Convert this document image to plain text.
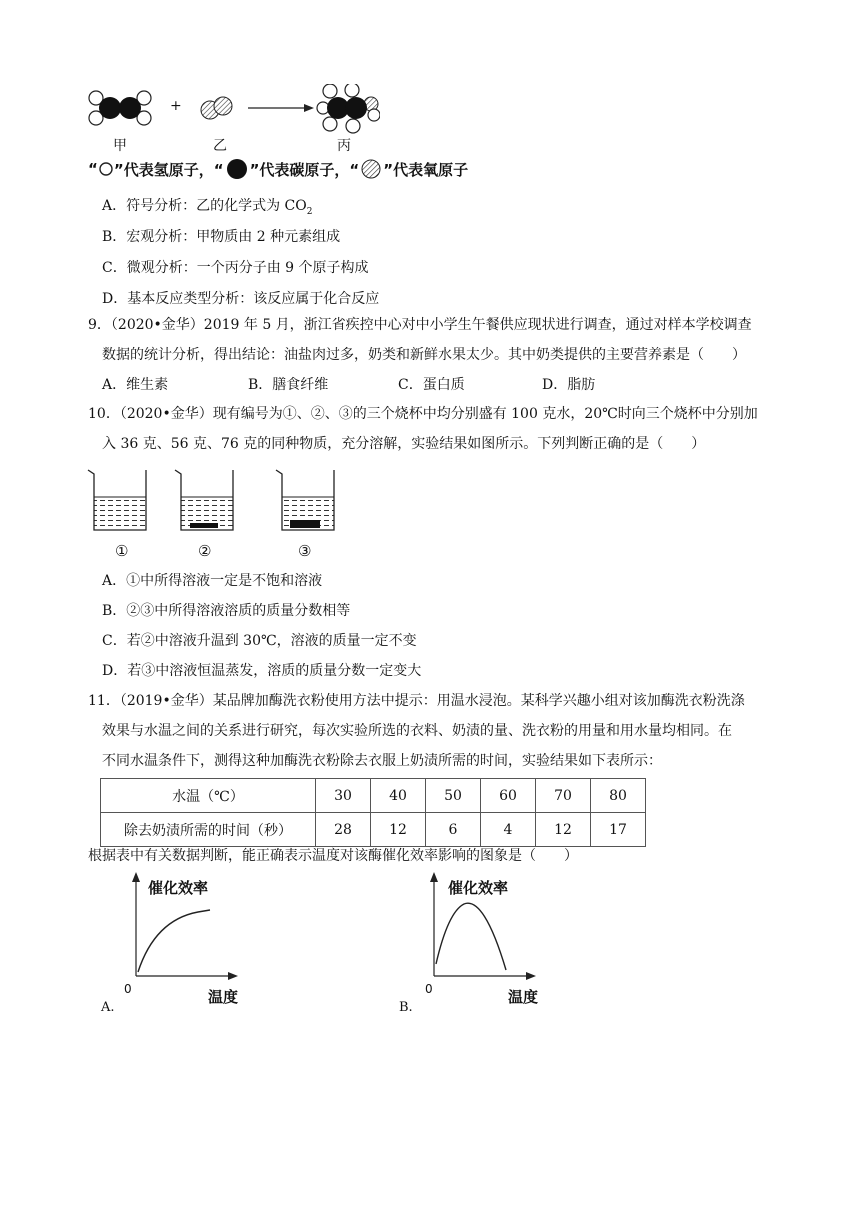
+
甲	乙	丙
“ ”代表氢原子，“ ”代表碳原子，“ ”代表氧原子
A．符号分析：乙的化学式为 $CO_2$
B．宏观分析：甲物质由 2 种元素组成
C．微观分析：一个丙分子由 9 个原子构成
D．基本反应类型分析：该反应属于化合反应
9．（2020•金华）2019 年 5 月，浙江省疾控中心对中小学生午餐供应现状进行调查，通过对样本学校调查
数据的统计分析，得出结论：油盐肉过多，奶类和新鲜水果太少。其中奶类提供的主要营养素是（　　）
A．维生素	B．膳食纤维	C．蛋白质	D．脂肪
10．（2020•金华）现有编号为①、②、③的三个烧杯中均分别盛有 100 克水，20℃时向三个烧杯中分别加
入 36 克、56 克、76 克的同种物质，充分溶解，实验结果如图所示。下列判断正确的是（　　）
①	②	③
A．①中所得溶液一定是不饱和溶液
B．②③中所得溶液溶质的质量分数相等
C．若②中溶液升温到 30℃，溶液的质量一定不变
D．若③中溶液恒温蒸发，溶质的质量分数一定变大
11．（2019•金华）某品牌加酶洗衣粉使用方法中提示：用温水浸泡。某科学兴趣小组对该加酶洗衣粉洗涤
效果与水温之间的关系进行研究，每次实验所选的衣料、奶渍的量、洗衣粉的用量和用水量均相同。在
不同水温条件下，测得这种加酶洗衣粉除去衣服上奶渍所需的时间，实验结果如下表所示：
水温（℃）	30	40	50	60	70	80
除去奶渍所需的时间（秒）	28	12	6	4	12	17
根据表中有关数据判断，能正确表示温度对该酶催化效率影响的图象是（　　）
催化效率
温度
0
A.
催化效率
温度
0
B.
